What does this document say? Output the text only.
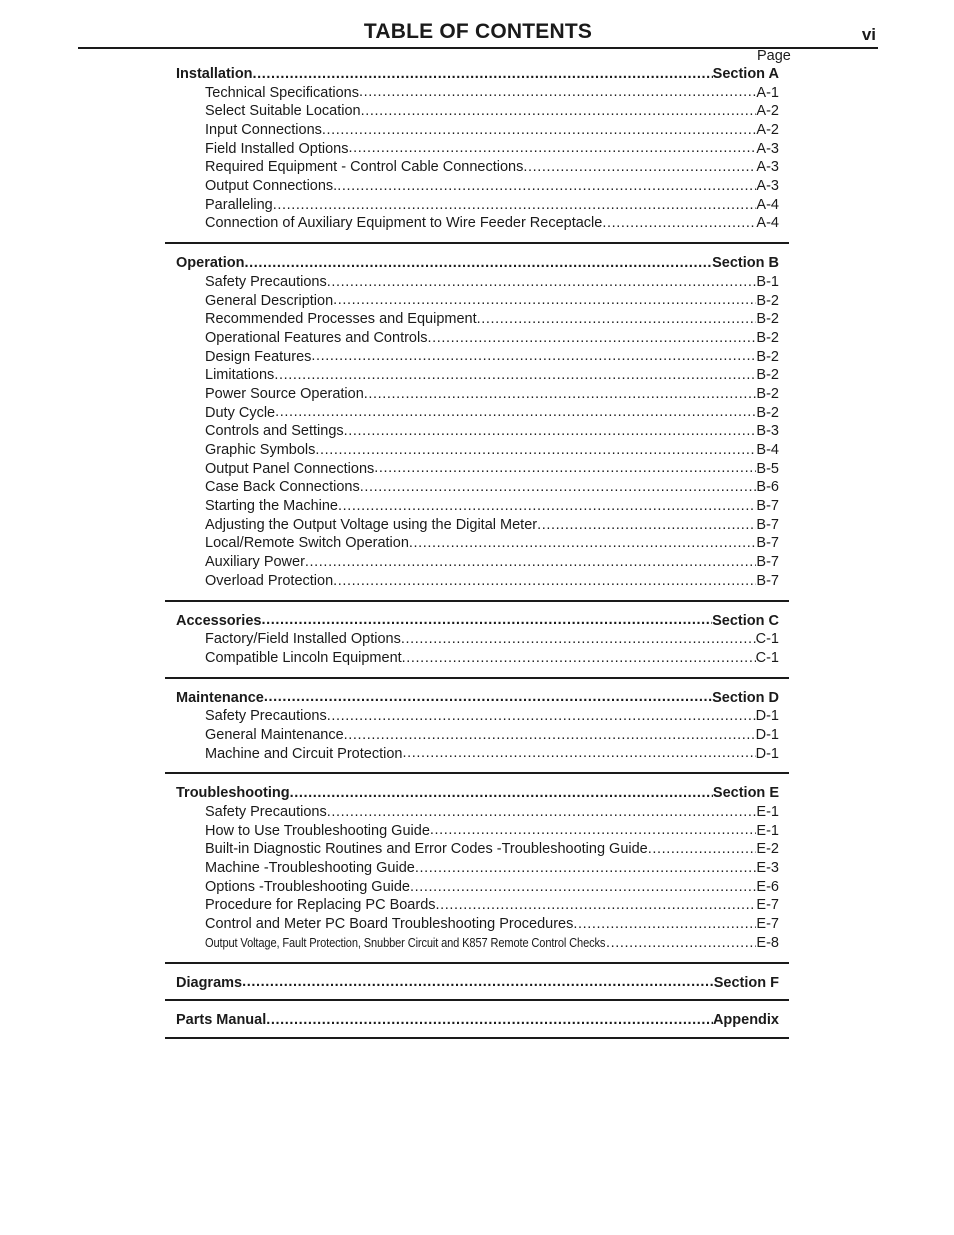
TABLE OF CONTENTS	vi
Page
Installation .....	Section A
Technical Specifications .....	A-1
Select Suitable Location .....	A-2
Input Connections .....	A-2
Field Installed Options .....	A-3
Required Equipment - Control Cable Connections .....	A-3
Output Connections. .....	A-3
Paralleling .....	A-4
Connection of Auxiliary Equipment to Wire Feeder Receptacle .....	A-4
Operation .....	Section B
Safety Precautions .....	B-1
General Description .....	B-2
Recommended Processes and Equipment .....	B-2
Operational Features and Controls .....	B-2
Design Features .....	B-2
Limitations .....	B-2
Power Source Operation .....	B-2
Duty Cycle .....	B-2
Controls and Settings .....	B-3
Graphic Symbols .....	B-4
Output Panel Connections .....	B-5
Case Back Connections .....	B-6
Starting the Machine .....	B-7
Adjusting the Output Voltage using the Digital Meter .....	B-7
Local/Remote Switch Operation .....	B-7
Auxiliary Power .....	B-7
Overload Protection .....	B-7
Accessories .....	Section C
Factory/Field Installed Options .....	C-1
Compatible Lincoln Equipment .....	C-1
Maintenance .....	Section D
Safety Precautions .....	D-1
General Maintenance .....	D-1
Machine and Circuit Protection .....	D-1
Troubleshooting .....	Section E
Safety Precautions .....	E-1
How to Use Troubleshooting Guide .....	E-1
Built-in Diagnostic Routines and Error Codes -Troubleshooting Guide .....	E-2
Machine -Troubleshooting Guide .....	E-3
Options -Troubleshooting Guide .....	E-6
Procedure for Replacing PC Boards .....	E-7
Control and Meter PC Board Troubleshooting Procedures .....	E-7
Output Voltage, Fault Protection, Snubber Circuit and K857 Remote Control Checks .....	E-8
Diagrams .....	Section F
Parts Manual .....	Appendix
